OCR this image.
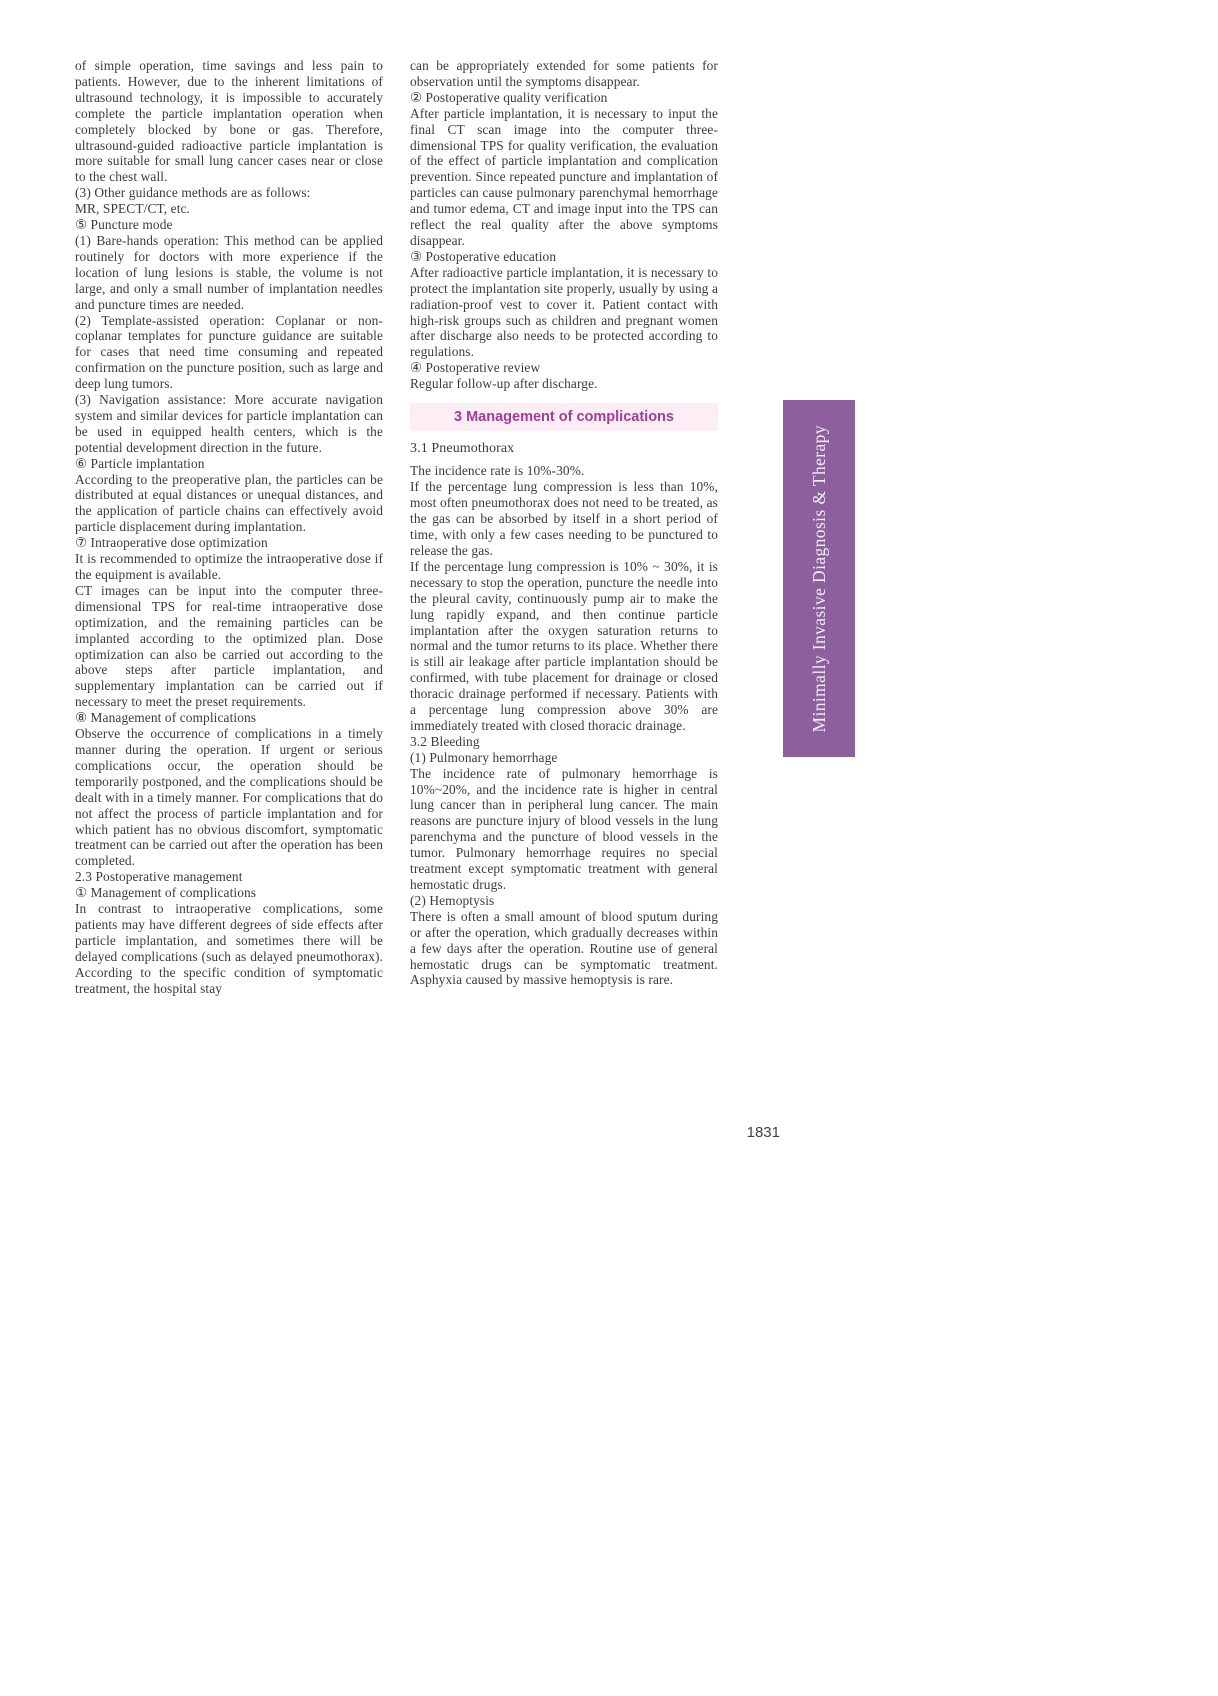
of simple operation, time savings and less pain to patients. However, due to the inherent limitations of ultrasound technology, it is impossible to accurately complete the particle implantation operation when completely blocked by bone or gas. Therefore, ultrasound-guided radioactive particle implantation is more suitable for small lung cancer cases near or close to the chest wall.

(3) Other guidance methods are as follows:

MR, SPECT/CT, etc.

⑤ Puncture mode

(1) Bare-hands operation: This method can be applied routinely for doctors with more experience if the location of lung lesions is stable, the volume is not large, and only a small number of implantation needles and puncture times are needed.

(2) Template-assisted operation: Coplanar or non-coplanar templates for puncture guidance are suitable for cases that need time consuming and repeated confirmation on the puncture position, such as large and deep lung tumors.

(3) Navigation assistance: More accurate navigation system and similar devices for particle implantation can be used in equipped health centers, which is the potential development direction in the future.

⑥ Particle implantation

According to the preoperative plan, the particles can be distributed at equal distances or unequal distances, and the application of particle chains can effectively avoid particle displacement during implantation.

⑦ Intraoperative dose optimization

It is recommended to optimize the intraoperative dose if the equipment is available.

CT images can be input into the computer three-dimensional TPS for real-time intraoperative dose optimization, and the remaining particles can be implanted according to the optimized plan. Dose optimization can also be carried out according to the above steps after particle implantation, and supplementary implantation can be carried out if necessary to meet the preset requirements.

⑧ Management of complications

Observe the occurrence of complications in a timely manner during the operation. If urgent or serious complications occur, the operation should be temporarily postponed, and the complications should be dealt with in a timely manner. For complications that do not affect the process of particle implantation and for which patient has no obvious discomfort, symptomatic treatment can be carried out after the operation has been completed.

2.3 Postoperative management

① Management of complications

In contrast to intraoperative complications, some patients may have different degrees of side effects after particle implantation, and sometimes there will be delayed complications (such as delayed pneumothorax). According to the specific condition of symptomatic treatment, the hospital stay

can be appropriately extended for some patients for observation until the symptoms disappear.

② Postoperative quality verification

After particle implantation, it is necessary to input the final CT scan image into the computer three-dimensional TPS for quality verification, the evaluation of the effect of particle implantation and complication prevention. Since repeated puncture and implantation of particles can cause pulmonary parenchymal hemorrhage and tumor edema, CT and image input into the TPS can reflect the real quality after the above symptoms disappear.

③ Postoperative education

After radioactive particle implantation, it is necessary to protect the implantation site properly, usually by using a radiation-proof vest to cover it. Patient contact with high-risk groups such as children and pregnant women after discharge also needs to be protected according to regulations.

④ Postoperative review

Regular follow-up after discharge.

3 Management of complications

3.1 Pneumothorax

The incidence rate is 10%-30%.

If the percentage lung compression is less than 10%, most often pneumothorax does not need to be treated, as the gas can be absorbed by itself in a short period of time, with only a few cases needing to be punctured to release the gas.

If the percentage lung compression is 10% ~ 30%, it is necessary to stop the operation, puncture the needle into the pleural cavity, continuously pump air to make the lung rapidly expand, and then continue particle implantation after the oxygen saturation returns to normal and the tumor returns to its place. Whether there is still air leakage after particle implantation should be confirmed, with tube placement for drainage or closed thoracic drainage performed if necessary. Patients with a percentage lung compression above 30% are immediately treated with closed thoracic drainage.

3.2 Bleeding

(1) Pulmonary hemorrhage

The incidence rate of pulmonary hemorrhage is 10%~20%, and the incidence rate is higher in central lung cancer than in peripheral lung cancer. The main reasons are puncture injury of blood vessels in the lung parenchyma and the puncture of blood vessels in the tumor. Pulmonary hemorrhage requires no special treatment except symptomatic treatment with general hemostatic drugs.

(2) Hemoptysis

There is often a small amount of blood sputum during or after the operation, which gradually decreases within a few days after the operation. Routine use of general hemostatic drugs can be symptomatic treatment. Asphyxia caused by massive hemoptysis is rare.

Minimally Invasive Diagnosis & Therapy
1831
